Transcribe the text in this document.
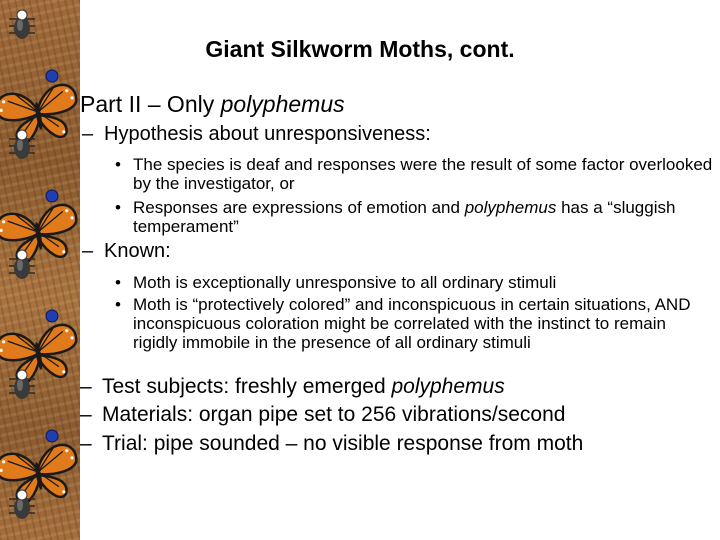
Giant Silkworm Moths, cont.
Part II – Only polyphemus
– Hypothesis about unresponsiveness:
• The species is deaf and responses were the result of some factor overlooked by the investigator, or
• Responses are expressions of emotion and polyphemus has a “sluggish temperament”
– Known:
• Moth is exceptionally unresponsive to all ordinary stimuli
• Moth is “protectively colored” and inconspicuous in certain situations, AND inconspicuous coloration might be correlated with the instinct to remain rigidly immobile in the presence of all ordinary stimuli
– Test subjects: freshly emerged polyphemus
– Materials: organ pipe set to 256 vibrations/second
– Trial: pipe sounded – no visible response from moth
